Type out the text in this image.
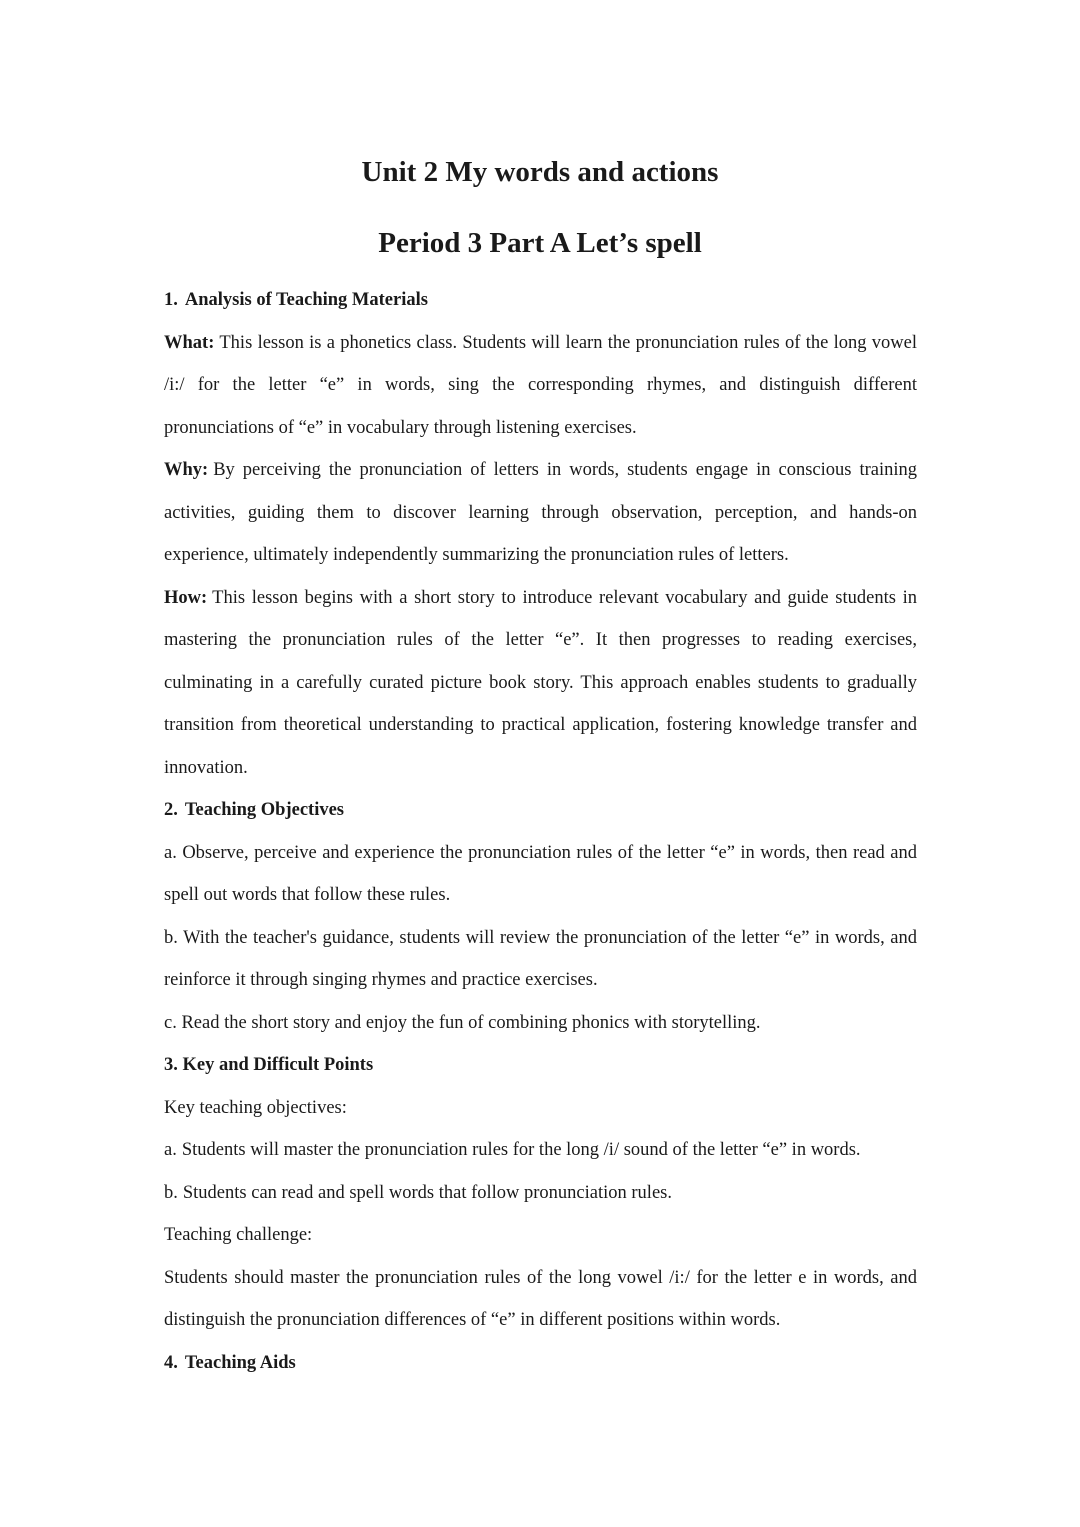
Unit 2 My words and actions
Period 3 Part A Let’s spell

1. Analysis of Teaching Materials

What: This lesson is a phonetics class. Students will learn the pronunciation rules of the long vowel /i:/ for the letter “e” in words, sing the corresponding rhymes, and distinguish different pronunciations of “e” in vocabulary through listening exercises.

Why: By perceiving the pronunciation of letters in words, students engage in conscious training activities, guiding them to discover learning through observation, perception, and hands-on experience, ultimately independently summarizing the pronunciation rules of letters.

How: This lesson begins with a short story to introduce relevant vocabulary and guide students in mastering the pronunciation rules of the letter “e”. It then progresses to reading exercises, culminating in a carefully curated picture book story. This approach enables students to gradually transition from theoretical understanding to practical application, fostering knowledge transfer and innovation.

2. Teaching Objectives

a. Observe, perceive and experience the pronunciation rules of the letter “e” in words, then read and spell out words that follow these rules.

b. With the teacher's guidance, students will review the pronunciation of the letter “e” in words, and reinforce it through singing rhymes and practice exercises.

c. Read the short story and enjoy the fun of combining phonics with storytelling.

3. Key and Difficult Points

Key teaching objectives:

a. Students will master the pronunciation rules for the long /i/ sound of the letter “e” in words.

b. Students can read and spell words that follow pronunciation rules.

Teaching challenge:

Students should master the pronunciation rules of the long vowel /i:/ for the letter e in words, and distinguish the pronunciation differences of “e” in different positions within words.

4. Teaching Aids
